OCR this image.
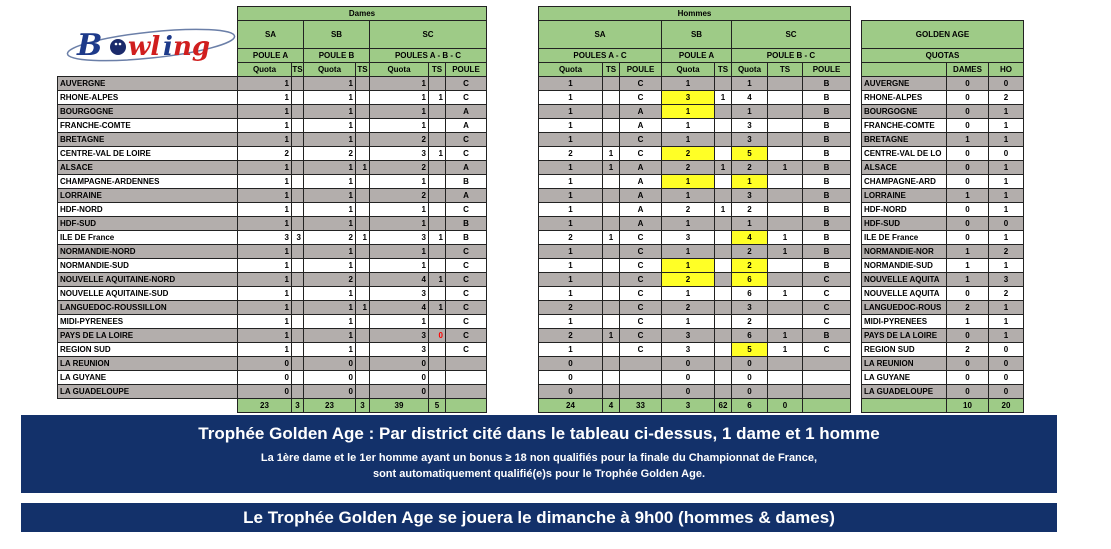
	Dames								Hommes											
	SA		SB		SC				SA			SB		SC				GOLDEN AGE		
	POULE A		POULE B		POULES A - B - C				POULES A - C			POULE A		POULE B - C				QUOTAS		
	Quota	TS	Quota	TS	Quota	TS	POULE		Quota	TS	POULE	Quota	TS	Quota	TS	POULE			DAMES	HO
AUVERGNE	1		1		1		C		1		C	1		1		B		AUVERGNE	0	0
RHONE-ALPES	1		1		1	1	C		1		C	3	1	4		B		RHONE-ALPES	0	2
BOURGOGNE	1		1		1		A		1		A	1		1		B		BOURGOGNE	0	1
FRANCHE-COMTE	1		1		1		A		1		A	1		3		B		FRANCHE-COMTE	0	1
BRETAGNE	1		1		2		C		1		C	1		3		B		BRETAGNE	1	1
CENTRE-VAL DE LOIRE	2		2		3	1	C		2	1	C	2		5		B		CENTRE-VAL DE LO	0	0
ALSACE	1		1	1	2		A		1	1	A	2	1	2	1	B		ALSACE	0	1
CHAMPAGNE-ARDENNES	1		1		1		B		1		A	1		1		B		CHAMPAGNE-ARD	0	1
LORRAINE	1		1		2		A		1		A	1		3		B		LORRAINE	1	1
HDF-NORD	1		1		1		C		1		A	2	1	2		B		HDF-NORD	0	1
HDF-SUD	1		1		1		B		1		A	1		1		B		HDF-SUD	0	0
ILE DE France	3	3	2	1	3	1	B		2	1	C	3		4	1	B		ILE DE France	0	1
NORMANDIE-NORD	1		1		1		C		1		C	1		2	1	B		NORMANDIE-NOR	1	2
NORMANDIE-SUD	1		1		1		C		1		C	1		2		B		NORMANDIE-SUD	1	1
NOUVELLE AQUITAINE-NORD	1		2		4	1	C		1		C	2		6		C		NOUVELLE AQUITA	1	3
NOUVELLE AQUITAINE-SUD	1		1		3		C		1		C	1		6	1	C		NOUVELLE AQUITA	0	2
LANGUEDOC-ROUSSILLON	1		1	1	4	1	C		2		C	2		3		C		LANGUEDOC-ROUS	2	1
MIDI-PYRENEES	1		1		1		C		1		C	1		2		C		MIDI-PYRENEES	1	1
PAYS DE LA LOIRE	1		1		3	0	C		2	1	C	3		6	1	B		PAYS DE LA LOIRE	0	1
REGION SUD	1		1		3		C		1		C	3		5	1	C		REGION SUD	2	0
LA REUNION	0		0		0				0			0		0				LA REUNION	0	0
LA GUYANE	0		0		0				0			0		0				LA GUYANE	0	0
LA GUADELOUPE	0		0		0				0			0		0				LA GUADELOUPE	0	0
	23	3	23	3	39	5			24	4	33	3	62	6	0				10	20
B wl i ng
Trophée Golden Age : Par district cité dans le tableau ci-dessus, 1 dame et 1 homme
La 1ère dame et le 1er homme ayant un bonus ≥ 18 non qualifiés pour la finale du Championnat de France,
sont automatiquement qualifié(e)s pour le Trophée Golden Age.
Le Trophée Golden Age se jouera le dimanche à 9h00 (hommes & dames)
